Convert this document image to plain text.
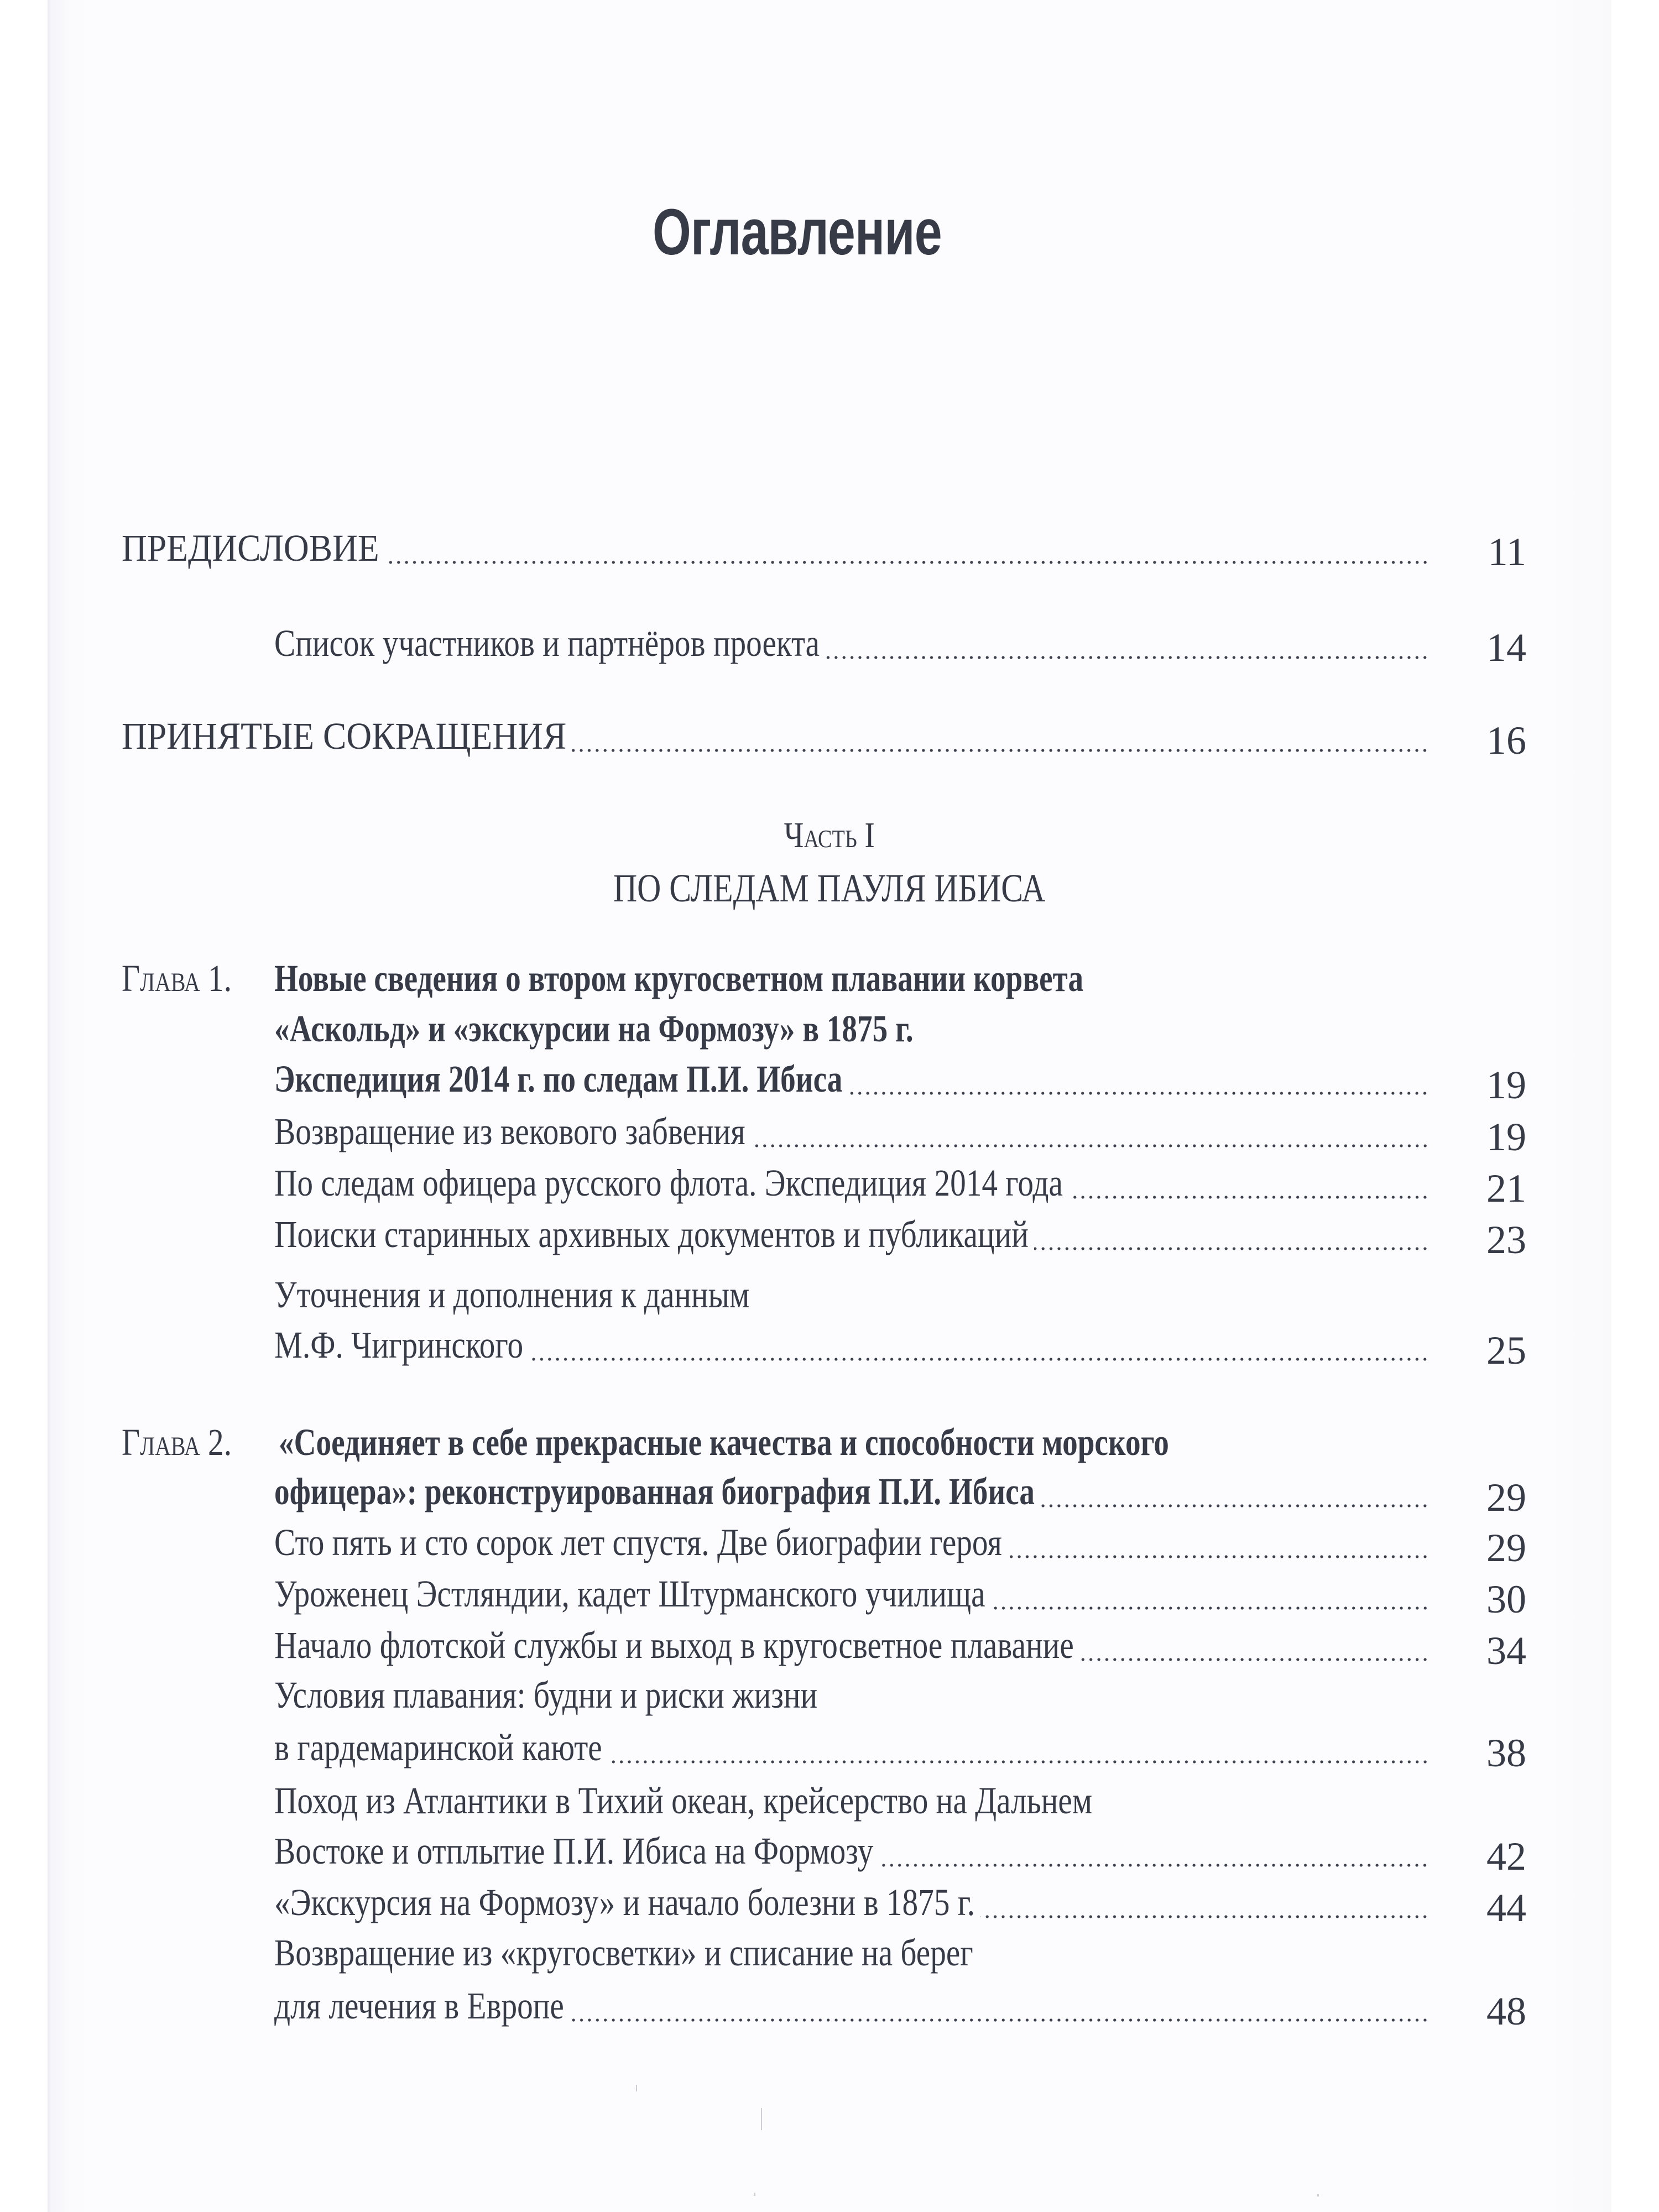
Оглавление
ПРЕДИСЛОВИЕ	11
Список участников и партнёров проекта	14
ПРИНЯТЫЕ СОКРАЩЕНИЯ	16
Часть I
ПО СЛЕДАМ ПАУЛЯ ИБИСА
Глава 1. Новые сведения о втором кругосветном плавании корвета
«Аскольд» и «экскурсии на Формозу» в 1875 г.
Экспедиция 2014 г. по следам П.И. Ибиса	19
Возвращение из векового забвения	19
По следам офицера русского флота. Экспедиция 2014 года	21
Поиски старинных архивных документов и публикаций	23
Уточнения и дополнения к данным
М.Ф. Чигринского	25
Глава 2. «Соединяет в себе прекрасные качества и способности морского
офицера»: реконструированная биография П.И. Ибиса	29
Сто пять и сто сорок лет спустя. Две биографии героя	29
Уроженец Эстляндии, кадет Штурманского училища	30
Начало флотской службы и выход в кругосветное плавание	34
Условия плавания: будни и риски жизни
в гардемаринской каюте	38
Поход из Атлантики в Тихий океан, крейсерство на Дальнем
Востоке и отплытие П.И. Ибиса на Формозу	42
«Экскурсия на Формозу» и начало болезни в 1875 г.	44
Возвращение из «кругосветки» и списание на берег
для лечения в Европе	48
